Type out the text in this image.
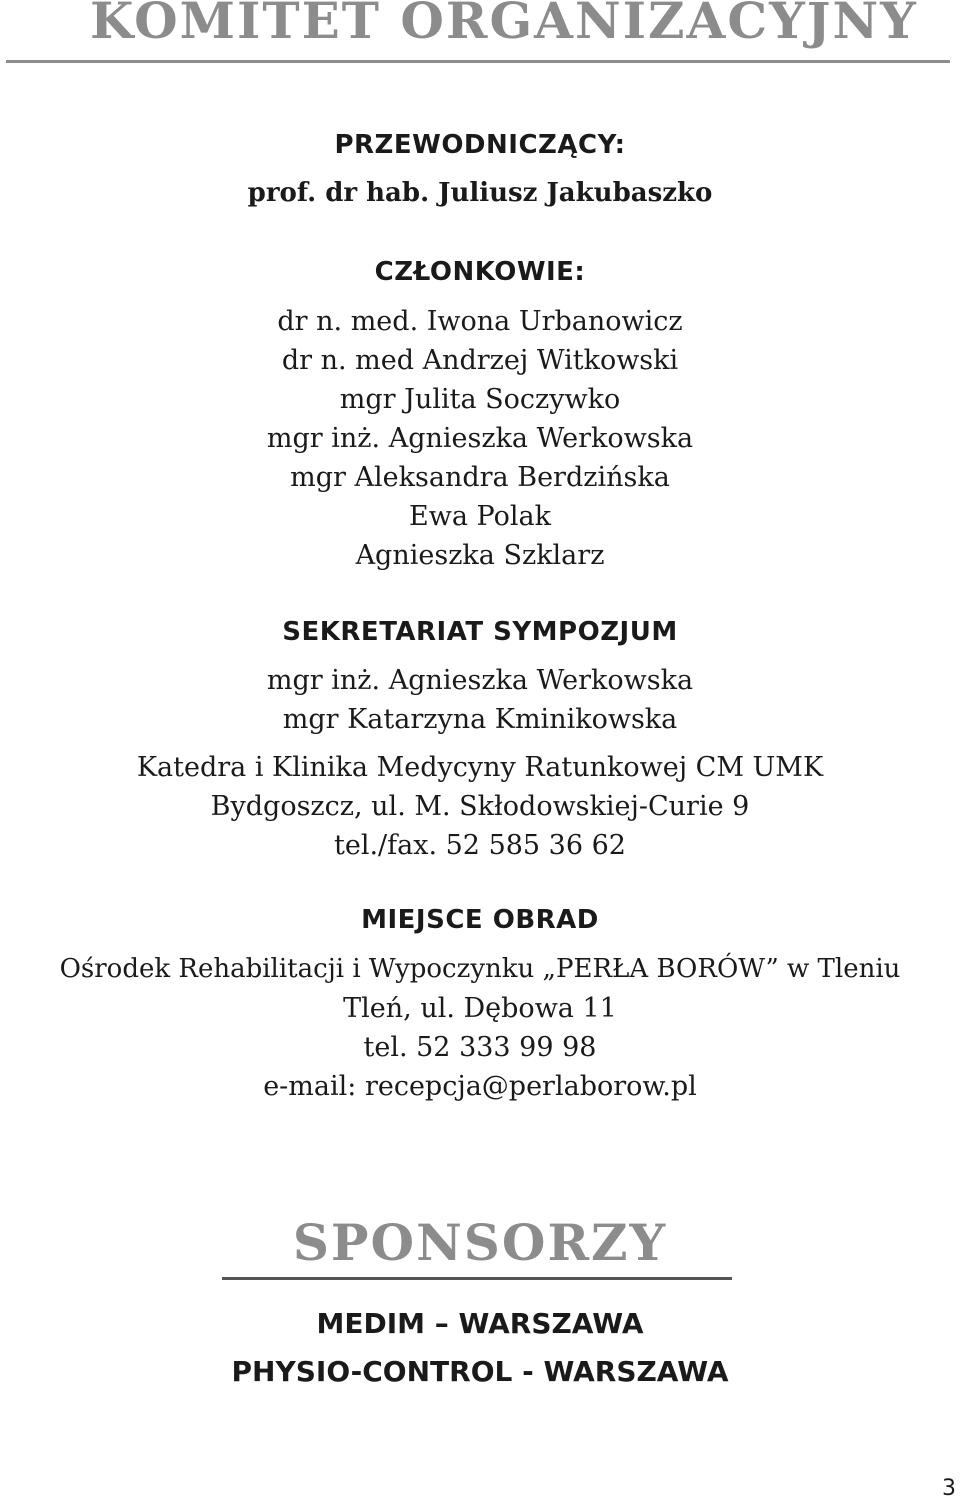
KOMITET ORGANIZACYJNY
PRZEWODNICZĄCY:
prof. dr hab. Juliusz Jakubaszko
CZŁONKOWIE:
dr n. med. Iwona Urbanowicz
dr n. med Andrzej Witkowski
mgr Julita Soczywko
mgr inż. Agnieszka Werkowska
mgr Aleksandra Berdzińska
Ewa Polak
Agnieszka Szklarz
SEKRETARIAT SYMPOZJUM
mgr inż. Agnieszka Werkowska
mgr Katarzyna Kminikowska
Katedra i Klinika Medycyny Ratunkowej CM UMK
Bydgoszcz, ul. M. Skłodowskiej-Curie 9
tel./fax. 52 585 36 62
MIEJSCE OBRAD
Ośrodek Rehabilitacji i Wypoczynku „PERŁA BORÓW” w Tleniu
Tleń, ul. Dębowa 11
tel. 52 333 99 98
e-mail: recepcja@perlaborow.pl
SPONSORZY
MEDIM – WARSZAWA
PHYSIO-CONTROL - WARSZAWA
3
